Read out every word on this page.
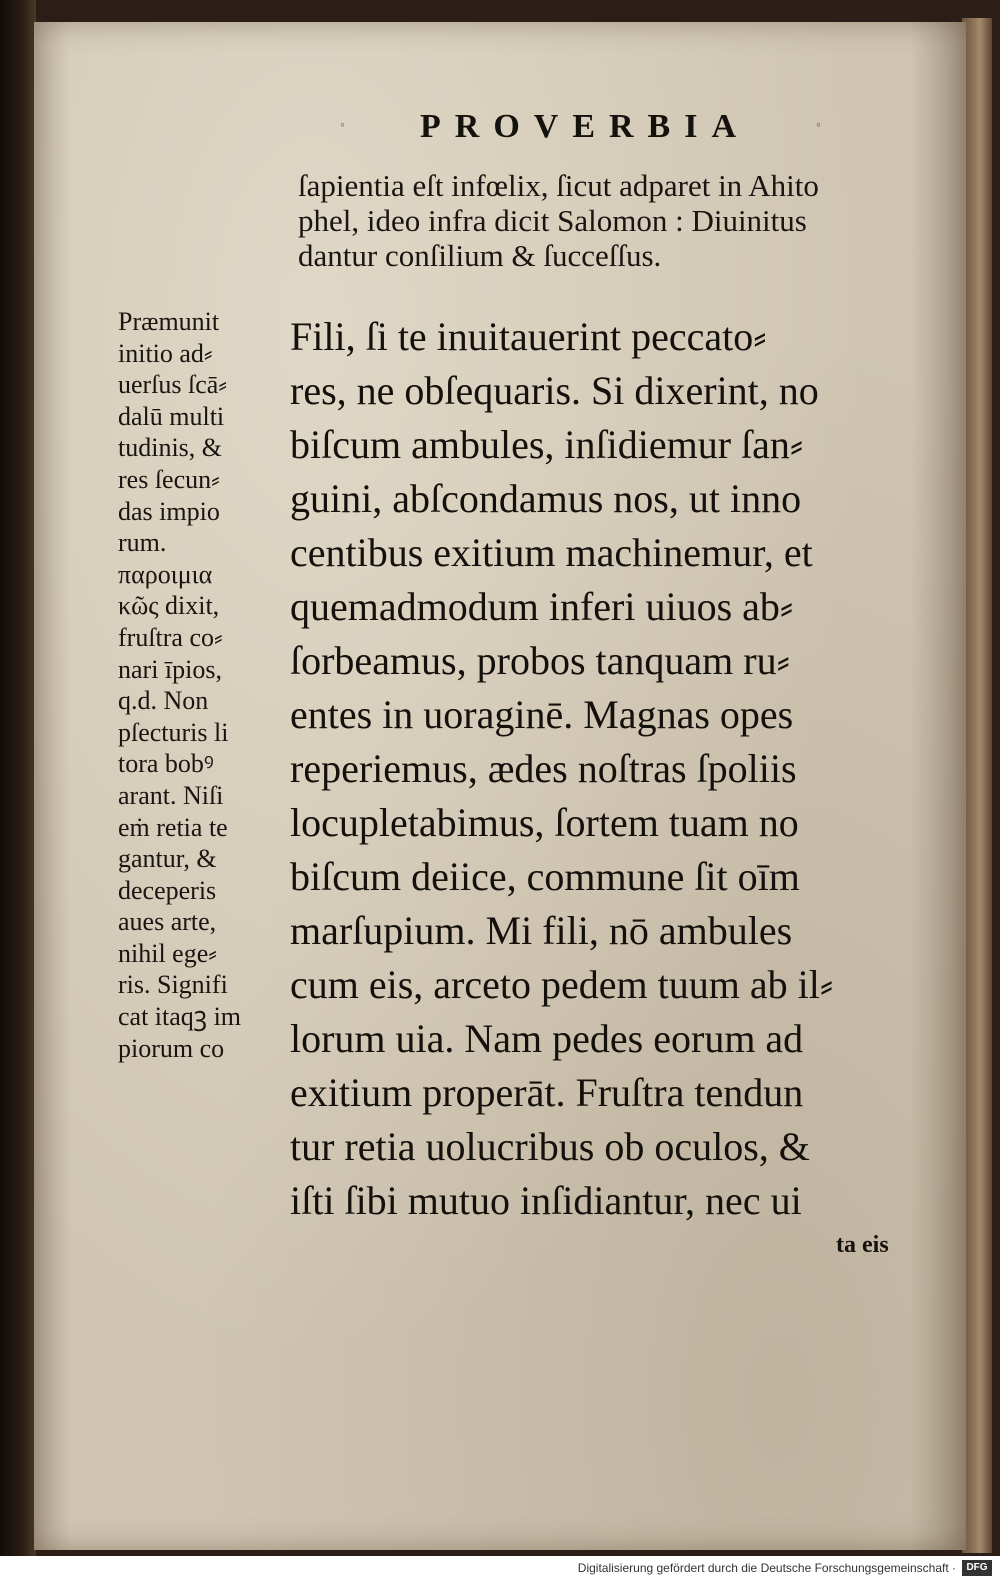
◦ PROVERBIA	◦
ſapientia eſt infœlix, ſicut adparet in Ahito
phel, ideo infra dicit Salomon : Diuinitus
dantur conſilium & ſucceſſus.
Præmunit
initio ad⸗
uerſus ſcā⸗
dalū multi
tudinis, &
res ſecun⸗
das impio
rum.
παροιμια
κῶς dixit,
fruſtra co⸗
nari īpios,
q.d. Non
pſecturis li
tora bobꝰ
arant. Niſi
eṁ retia te
gantur, &
deceperis
aues arte,
nihil ege⸗
ris. Signifi
cat itaqꝫ im
piorum co
Fili, ſi te inuitauerint peccato⸗
res, ne obſequaris. Si dixerint, no
biſcum ambules, inſidiemur ſan⸗
guini, abſcondamus nos, ut inno
centibus exitium machinemur, et
quemadmodum inferi uiuos ab⸗
ſorbeamus, probos tanquam ru⸗
entes in uoraginē. Magnas opes
reperiemus, ædes noſtras ſpoliis
locupletabimus, ſortem tuam no
biſcum deiice, commune ſit oīm
marſupium. Mi fili, nō ambules
cum eis, arceto pedem tuum ab il⸗
lorum uia. Nam pedes eorum ad
exitium properāt. Fruſtra tendun
tur retia uolucribus ob oculos, &
iſti ſibi mutuo inſidiantur, nec ui
ta eis
Digitalisierung gefördert durch die Deutsche Forschungsgemeinschaft ·	DFG
